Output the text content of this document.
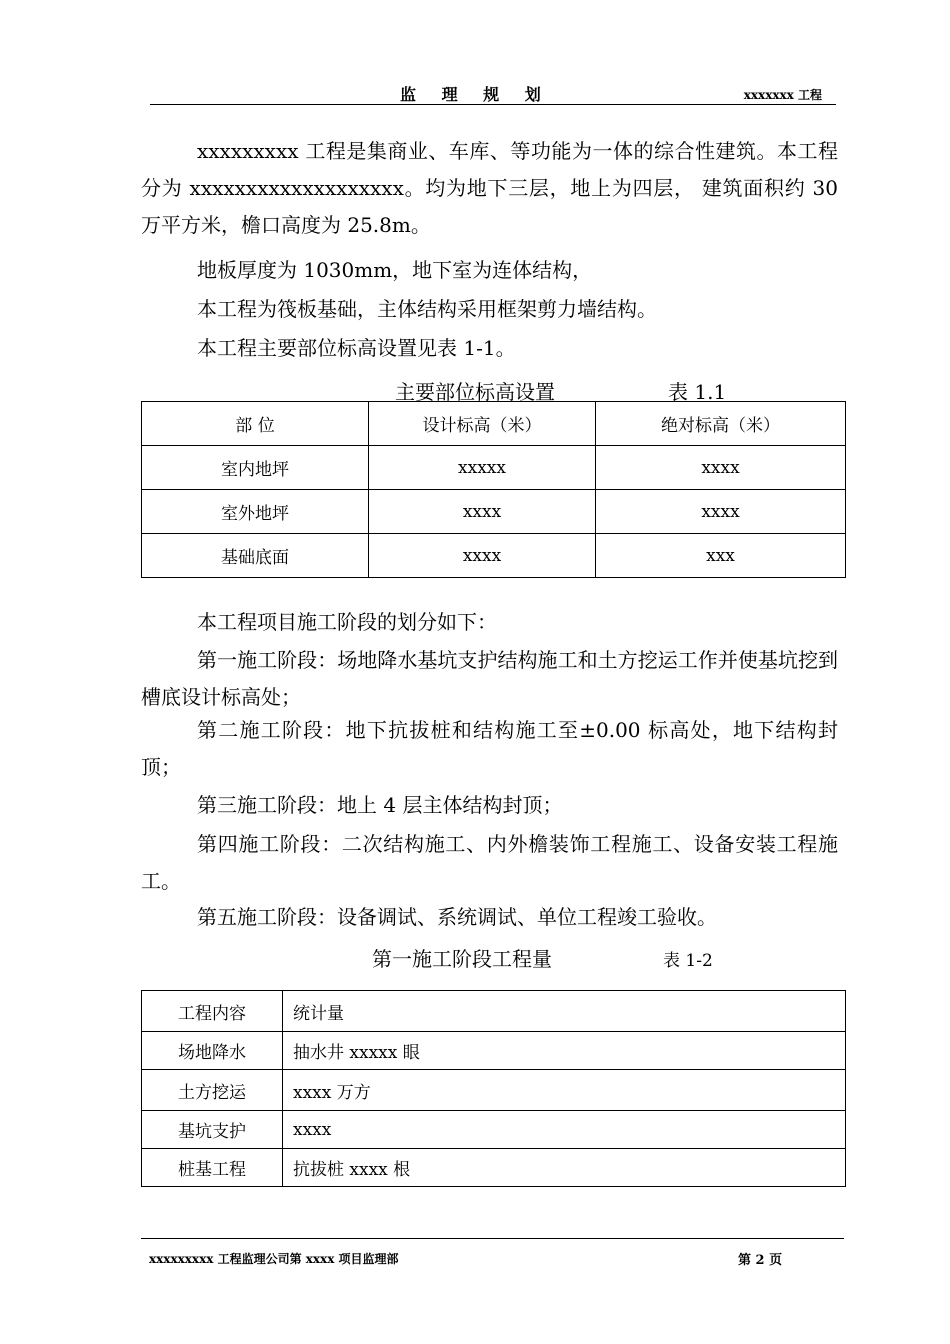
监 理 规 划	xxxxxxx 工程
xxxxxxxxx 工程是集商业、车库、等功能为一体的综合性建筑。本工程分为 xxxxxxxxxxxxxxxxxxx。均为地下三层，地上为四层， 建筑面积约 30 万平方米，檐口高度为 25.8m。
地板厚度为 1030mm，地下室为连体结构，
本工程为筏板基础，主体结构采用框架剪力墙结构。
本工程主要部位标高设置见表 1-1。
主要部位标高设置	表 1.1
部 位	设计标高（米）	绝对标高（米）
室内地坪	xxxxx	xxxx
室外地坪	xxxx	xxxx
基础底面	xxxx	xxx
本工程项目施工阶段的划分如下：
第一施工阶段：场地降水基坑支护结构施工和土方挖运工作并使基坑挖到槽底设计标高处；
第二施工阶段：地下抗拔桩和结构施工至±0.00 标高处，地下结构封顶；
第三施工阶段：地上 4 层主体结构封顶；
第四施工阶段：二次结构施工、内外檐装饰工程施工、设备安装工程施工。
第五施工阶段：设备调试、系统调试、单位工程竣工验收。
第一施工阶段工程量	表 1-2
工程内容	统计量
场地降水	抽水井 xxxxx 眼
土方挖运	xxxx 万方
基坑支护	xxxx
桩基工程	抗拔桩 xxxx 根
xxxxxxxxx 工程监理公司第 xxxx 项目监理部	第 2 页
